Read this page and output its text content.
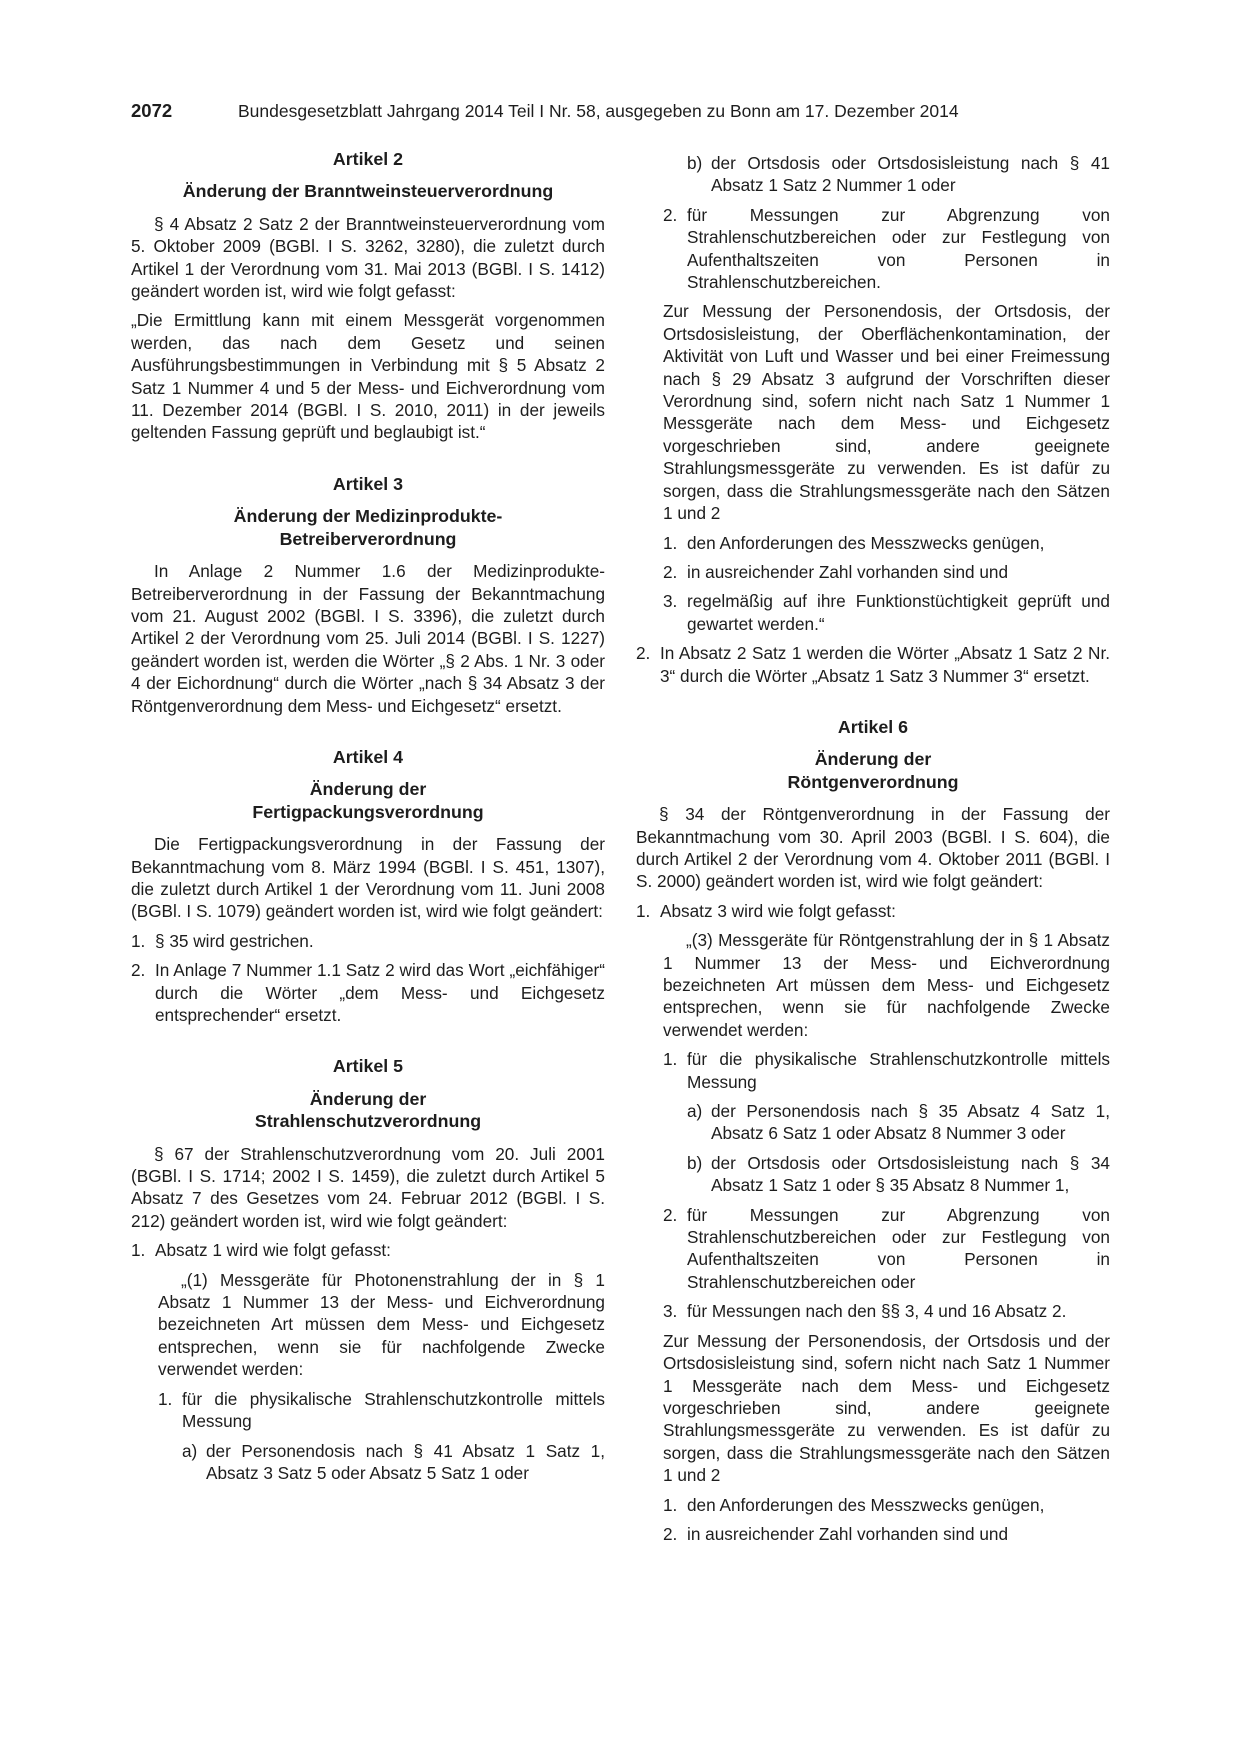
2072	Bundesgesetzblatt Jahrgang 2014 Teil I Nr. 58, ausgegeben zu Bonn am 17. Dezember 2014
Artikel 2
Änderung der Branntweinsteuerverordnung

§ 4 Absatz 2 Satz 2 der Branntweinsteuerverordnung vom 5. Oktober 2009 (BGBl. I S. 3262, 3280), die zuletzt durch Artikel 1 der Verordnung vom 31. Mai 2013 (BGBl. I S. 1412) geändert worden ist, wird wie folgt gefasst:

„Die Ermittlung kann mit einem Messgerät vorgenommen werden, das nach dem Gesetz und seinen Ausführungsbestimmungen in Verbindung mit § 5 Absatz 2 Satz 1 Nummer 4 und 5 der Mess- und Eichverordnung vom 11. Dezember 2014 (BGBl. I S. 2010, 2011) in der jeweils geltenden Fassung geprüft und beglaubigt ist.“

Artikel 3
Änderung der Medizinprodukte-Betreiberverordnung

In Anlage 2 Nummer 1.6 der Medizinprodukte-Betreiberverordnung in der Fassung der Bekanntmachung vom 21. August 2002 (BGBl. I S. 3396), die zuletzt durch Artikel 2 der Verordnung vom 25. Juli 2014 (BGBl. I S. 1227) geändert worden ist, werden die Wörter „§ 2 Abs. 1 Nr. 3 oder 4 der Eichordnung“ durch die Wörter „nach § 34 Absatz 3 der Röntgenverordnung dem Mess- und Eichgesetz“ ersetzt.

Artikel 4
Änderung der Fertigpackungsverordnung

Die Fertigpackungsverordnung in der Fassung der Bekanntmachung vom 8. März 1994 (BGBl. I S. 451, 1307), die zuletzt durch Artikel 1 der Verordnung vom 11. Juni 2008 (BGBl. I S. 1079) geändert worden ist, wird wie folgt geändert:

1. § 35 wird gestrichen.
2. In Anlage 7 Nummer 1.1 Satz 2 wird das Wort „eichfähiger“ durch die Wörter „dem Mess- und Eichgesetz entsprechender“ ersetzt.
Artikel 5
Änderung der Strahlenschutzverordnung

§ 67 der Strahlenschutzverordnung vom 20. Juli 2001 (BGBl. I S. 1714; 2002 I S. 1459), die zuletzt durch Artikel 5 Absatz 7 des Gesetzes vom 24. Februar 2012 (BGBl. I S. 212) geändert worden ist, wird wie folgt geändert:

1. Absatz 1 wird wie folgt gefasst:

„(1) Messgeräte für Photonenstrahlung der in § 1 Absatz 1 Nummer 13 der Mess- und Eichverordnung bezeichneten Art müssen dem Mess- und Eichgesetz entsprechen, wenn sie für nachfolgende Zwecke verwendet werden:

1. für die physikalische Strahlenschutzkontrolle mittels Messung
a) der Personendosis nach § 41 Absatz 1 Satz 1, Absatz 3 Satz 5 oder Absatz 5 Satz 1 oder
b) der Ortsdosis oder Ortsdosisleistung nach § 41 Absatz 1 Satz 2 Nummer 1 oder
2. für Messungen zur Abgrenzung von Strahlenschutzbereichen oder zur Festlegung von Aufenthaltszeiten von Personen in Strahlenschutzbereichen.

Zur Messung der Personendosis, der Ortsdosis, der Ortsdosisleistung, der Oberflächenkontamination, der Aktivität von Luft und Wasser und bei einer Freimessung nach § 29 Absatz 3 aufgrund der Vorschriften dieser Verordnung sind, sofern nicht nach Satz 1 Nummer 1 Messgeräte nach dem Mess- und Eichgesetz vorgeschrieben sind, andere geeignete Strahlungsmessgeräte zu verwenden. Es ist dafür zu sorgen, dass die Strahlungsmessgeräte nach den Sätzen 1 und 2

1. den Anforderungen des Messzwecks genügen,
2. in ausreichender Zahl vorhanden sind und
3. regelmäßig auf ihre Funktionstüchtigkeit geprüft und gewartet werden.“
2. In Absatz 2 Satz 1 werden die Wörter „Absatz 1 Satz 2 Nr. 3“ durch die Wörter „Absatz 1 Satz 3 Nummer 3“ ersetzt.
Artikel 6
Änderung der Röntgenverordnung

§ 34 der Röntgenverordnung in der Fassung der Bekanntmachung vom 30. April 2003 (BGBl. I S. 604), die durch Artikel 2 der Verordnung vom 4. Oktober 2011 (BGBl. I S. 2000) geändert worden ist, wird wie folgt geändert:

1. Absatz 3 wird wie folgt gefasst:

„(3) Messgeräte für Röntgenstrahlung der in § 1 Absatz 1 Nummer 13 der Mess- und Eichverordnung bezeichneten Art müssen dem Mess- und Eichgesetz entsprechen, wenn sie für nachfolgende Zwecke verwendet werden:

1. für die physikalische Strahlenschutzkontrolle mittels Messung
a) der Personendosis nach § 35 Absatz 4 Satz 1, Absatz 6 Satz 1 oder Absatz 8 Nummer 3 oder
b) der Ortsdosis oder Ortsdosisleistung nach § 34 Absatz 1 Satz 1 oder § 35 Absatz 8 Nummer 1,
2. für Messungen zur Abgrenzung von Strahlenschutzbereichen oder zur Festlegung von Aufenthaltszeiten von Personen in Strahlenschutzbereichen oder
3. für Messungen nach den §§ 3, 4 und 16 Absatz 2.

Zur Messung der Personendosis, der Ortsdosis und der Ortsdosisleistung sind, sofern nicht nach Satz 1 Nummer 1 Messgeräte nach dem Mess- und Eichgesetz vorgeschrieben sind, andere geeignete Strahlungsmessgeräte zu verwenden. Es ist dafür zu sorgen, dass die Strahlungsmessgeräte nach den Sätzen 1 und 2

1. den Anforderungen des Messzwecks genügen,
2. in ausreichender Zahl vorhanden sind und
